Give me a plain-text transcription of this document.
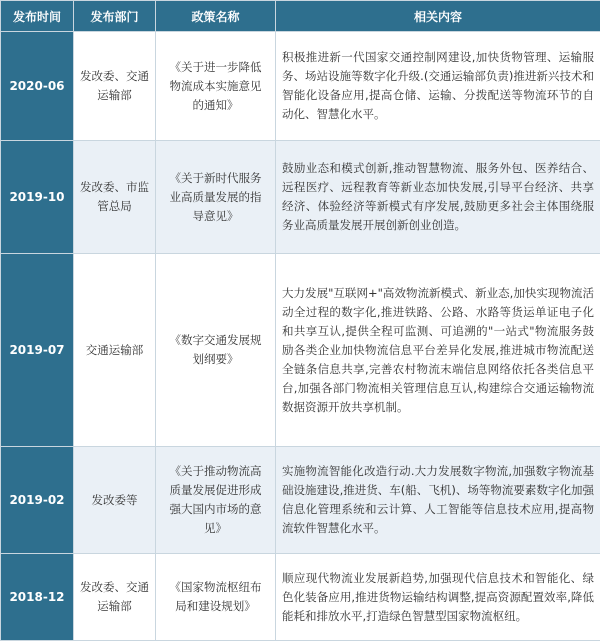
发布时间	发布部门	政策名称	相关内容
2020-06	发改委、交通运输部	《关于进一步降低物流成本实施意见的通知》	积极推进新一代国家交通控制网建设,加快货物管理、运输服务、场站设施等数字化升级.(交通运输部负责)推进新兴技术和智能化设备应用,提高仓储、运输、分拨配送等物流环节的自动化、智慧化水平。
2019-10	发改委、市监管总局	《关于新时代服务业高质量发展的指导意见》	鼓励业态和模式创新,推动智慧物流、服务外包、医养结合、远程医疗、远程教育等新业态加快发展,引导平台经济、共享经济、体验经济等新模式有序发展,鼓励更多社会主体围绕服务业高质量发展开展创新创业创造。
2019-07	交通运输部	《数字交通发展规划纲要》	大力发展"互联网+"高效物流新模式、新业态,加快实现物流活动全过程的数字化,推进铁路、公路、水路等货运单证电子化和共享互认,提供全程可监测、可追溯的"一站式"物流服务鼓励各类企业加快物流信息平台差异化发展,推进城市物流配送全链条信息共享,完善农村物流末端信息网络依托各类信息平台,加强各部门物流相关管理信息互认,构建综合交通运输物流数据资源开放共享机制。
2019-02	发改委等	《关于推动物流高质量发展促进形成强大国内市场的意见》	实施物流智能化改造行动.大力发展数字物流,加强数字物流基础设施建设,推进货、车(船、飞机)、场等物流要素数字化加强信息化管理系统和云计算、人工智能等信息技术应用,提高物流软件智慧化水平。
2018-12	发改委、交通运输部	《国家物流枢纽布局和建设规划》	顺应现代物流业发展新趋势,加强现代信息技术和智能化、绿色化装备应用,推进货物运输结构调整,提高资源配置效率,降低能耗和排放水平,打造绿色智慧型国家物流枢纽。
